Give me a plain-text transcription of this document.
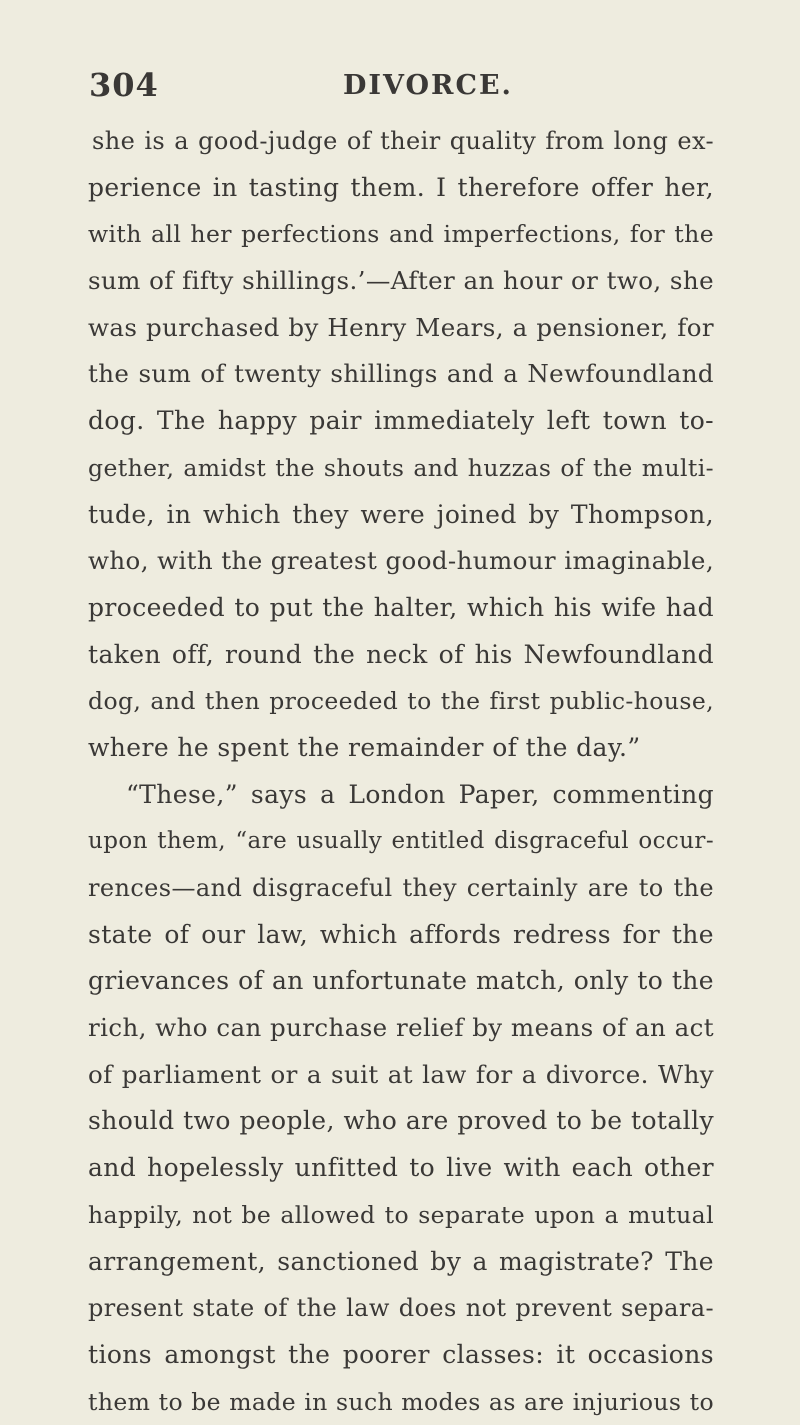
304	DIVORCE.
she is a good-judge of their quality from long ex-
perience in tasting them. I therefore offer her,
with all her perfections and imperfections, for the
sum of fifty shillings.’—After an hour or two, she
was purchased by Henry Mears, a pensioner, for
the sum of twenty shillings and a Newfoundland
dog. The happy pair immediately left town to-
gether, amidst the shouts and huzzas of the multi-
tude, in which they were joined by Thompson,
who, with the greatest good-humour imaginable,
proceeded to put the halter, which his wife had
taken off, round the neck of his Newfoundland
dog, and then proceeded to the first public-house,
where he spent the remainder of the day.”
“These,” says a London Paper, commenting
upon them, “are usually entitled disgraceful occur-
rences—and disgraceful they certainly are to the
state of our law, which affords redress for the
grievances of an unfortunate match, only to the
rich, who can purchase relief by means of an act
of parliament or a suit at law for a divorce. Why
should two people, who are proved to be totally
and hopelessly unfitted to live with each other
happily, not be allowed to separate upon a mutual
arrangement, sanctioned by a magistrate? The
present state of the law does not prevent separa-
tions amongst the poorer classes: it occasions
them to be made in such modes as are injurious to
